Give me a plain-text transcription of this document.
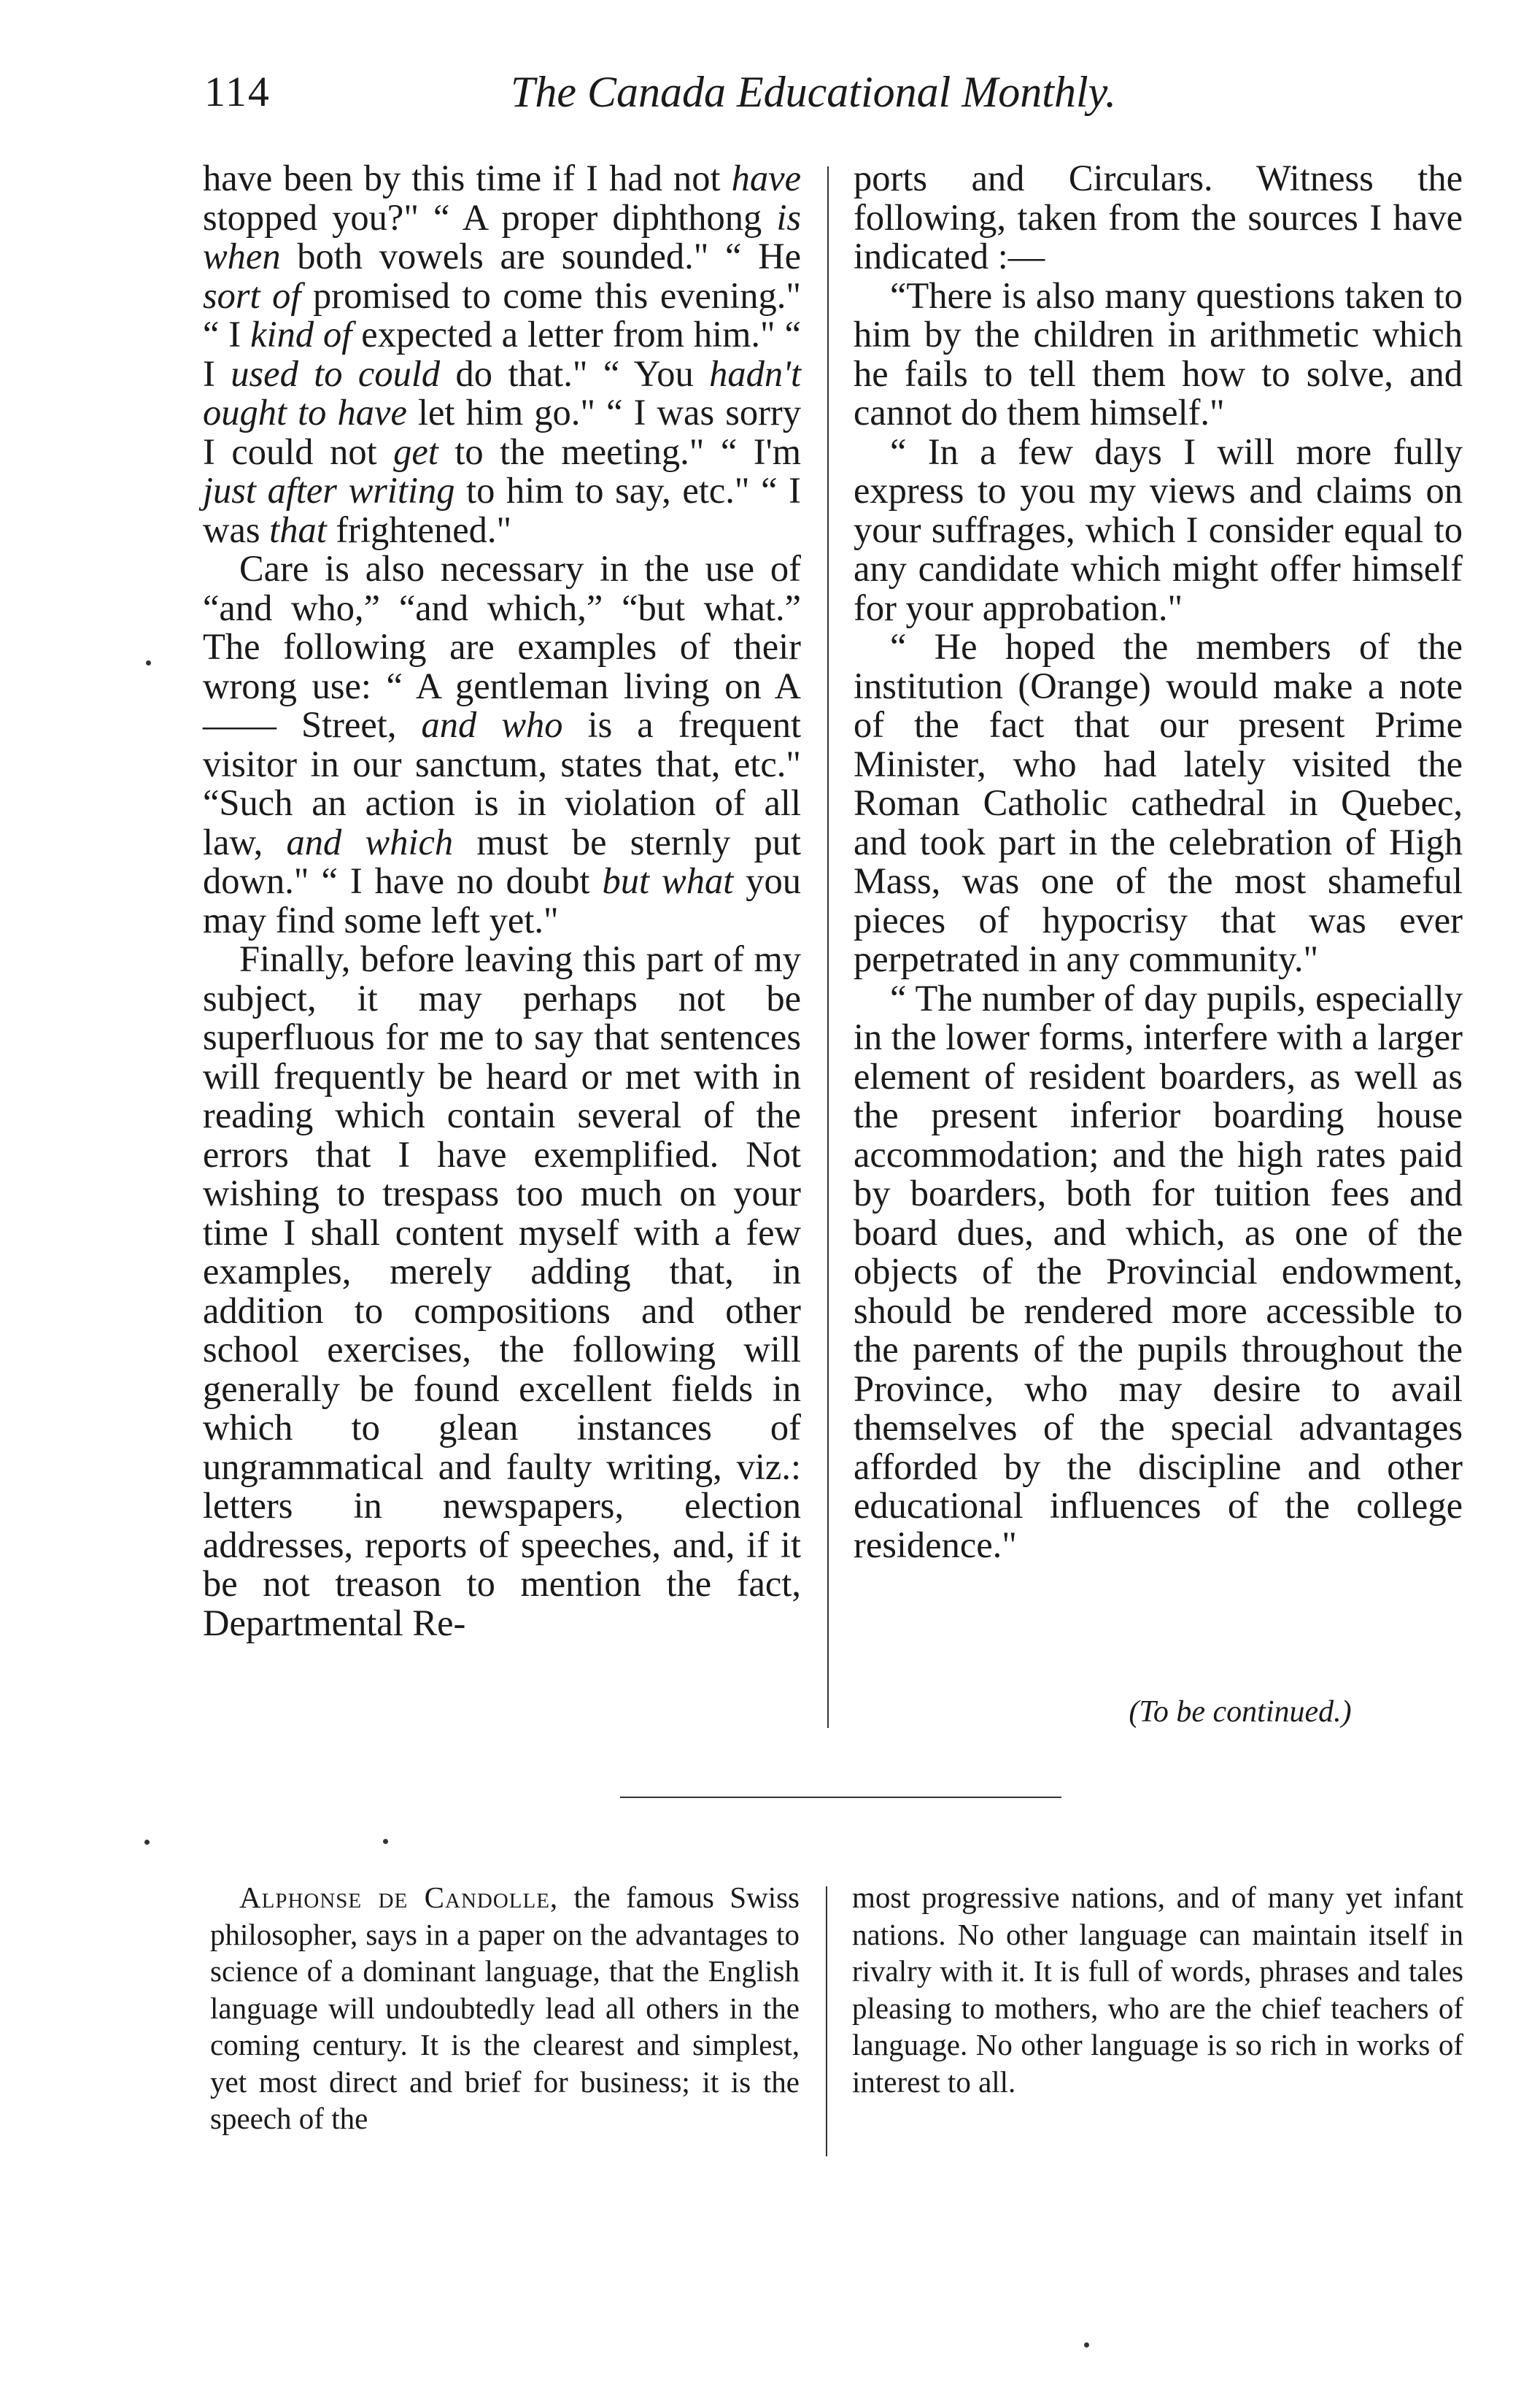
114	The Canada Educational Monthly.

have been by this time if I had not have stopped you?" “ A proper diphthong is when both vowels are sounded." “ He sort of promised to come this evening." “ I kind of expected a letter from him." “ I used to could do that." “ You hadn't ought to have let him go." “ I was sorry I could not get to the meeting." “ I'm just after writing to him to say, etc." “ I was that frightened."

Care is also necessary in the use of “and who,” “and which,” “but what.” The following are examples of their wrong use: “ A gentleman living on A—— Street, and who is a frequent visitor in our sanctum, states that, etc." “Such an action is in violation of all law, and which must be sternly put down." “ I have no doubt but what you may find some left yet."

Finally, before leaving this part of my subject, it may perhaps not be superfluous for me to say that sentences will frequently be heard or met with in reading which contain several of the errors that I have exemplified. Not wishing to trespass too much on your time I shall content myself with a few examples, merely adding that, in addition to compositions and other school exercises, the following will generally be found excellent fields in which to glean instances of ungrammatical and faulty writing, viz.: letters in newspapers, election addresses, reports of speeches, and, if it be not treason to mention the fact, Departmental Re-

ports and Circulars. Witness the following, taken from the sources I have indicated :—

“There is also many questions taken to him by the children in arithmetic which he fails to tell them how to solve, and cannot do them himself."

“ In a few days I will more fully express to you my views and claims on your suffrages, which I consider equal to any candidate which might offer himself for your approbation."

“ He hoped the members of the institution (Orange) would make a note of the fact that our present Prime Minister, who had lately visited the Roman Catholic cathedral in Quebec, and took part in the celebration of High Mass, was one of the most shameful pieces of hypocrisy that was ever perpetrated in any community."

“ The number of day pupils, especially in the lower forms, interfere with a larger element of resident boarders, as well as the present inferior boarding house accommodation; and the high rates paid by boarders, both for tuition fees and board dues, and which, as one of the objects of the Provincial endowment, should be rendered more accessible to the parents of the pupils throughout the Province, who may desire to avail themselves of the special advantages afforded by the discipline and other educational influences of the college residence."

(To be continued.)

Alphonse de Candolle, the famous Swiss philosopher, says in a paper on the advantages to science of a dominant language, that the English language will undoubtedly lead all others in the coming century. It is the clearest and simplest, yet most direct and brief for business; it is the speech of the

most progressive nations, and of many yet infant nations. No other language can maintain itself in rivalry with it. It is full of words, phrases and tales pleasing to mothers, who are the chief teachers of language. No other language is so rich in works of interest to all.
